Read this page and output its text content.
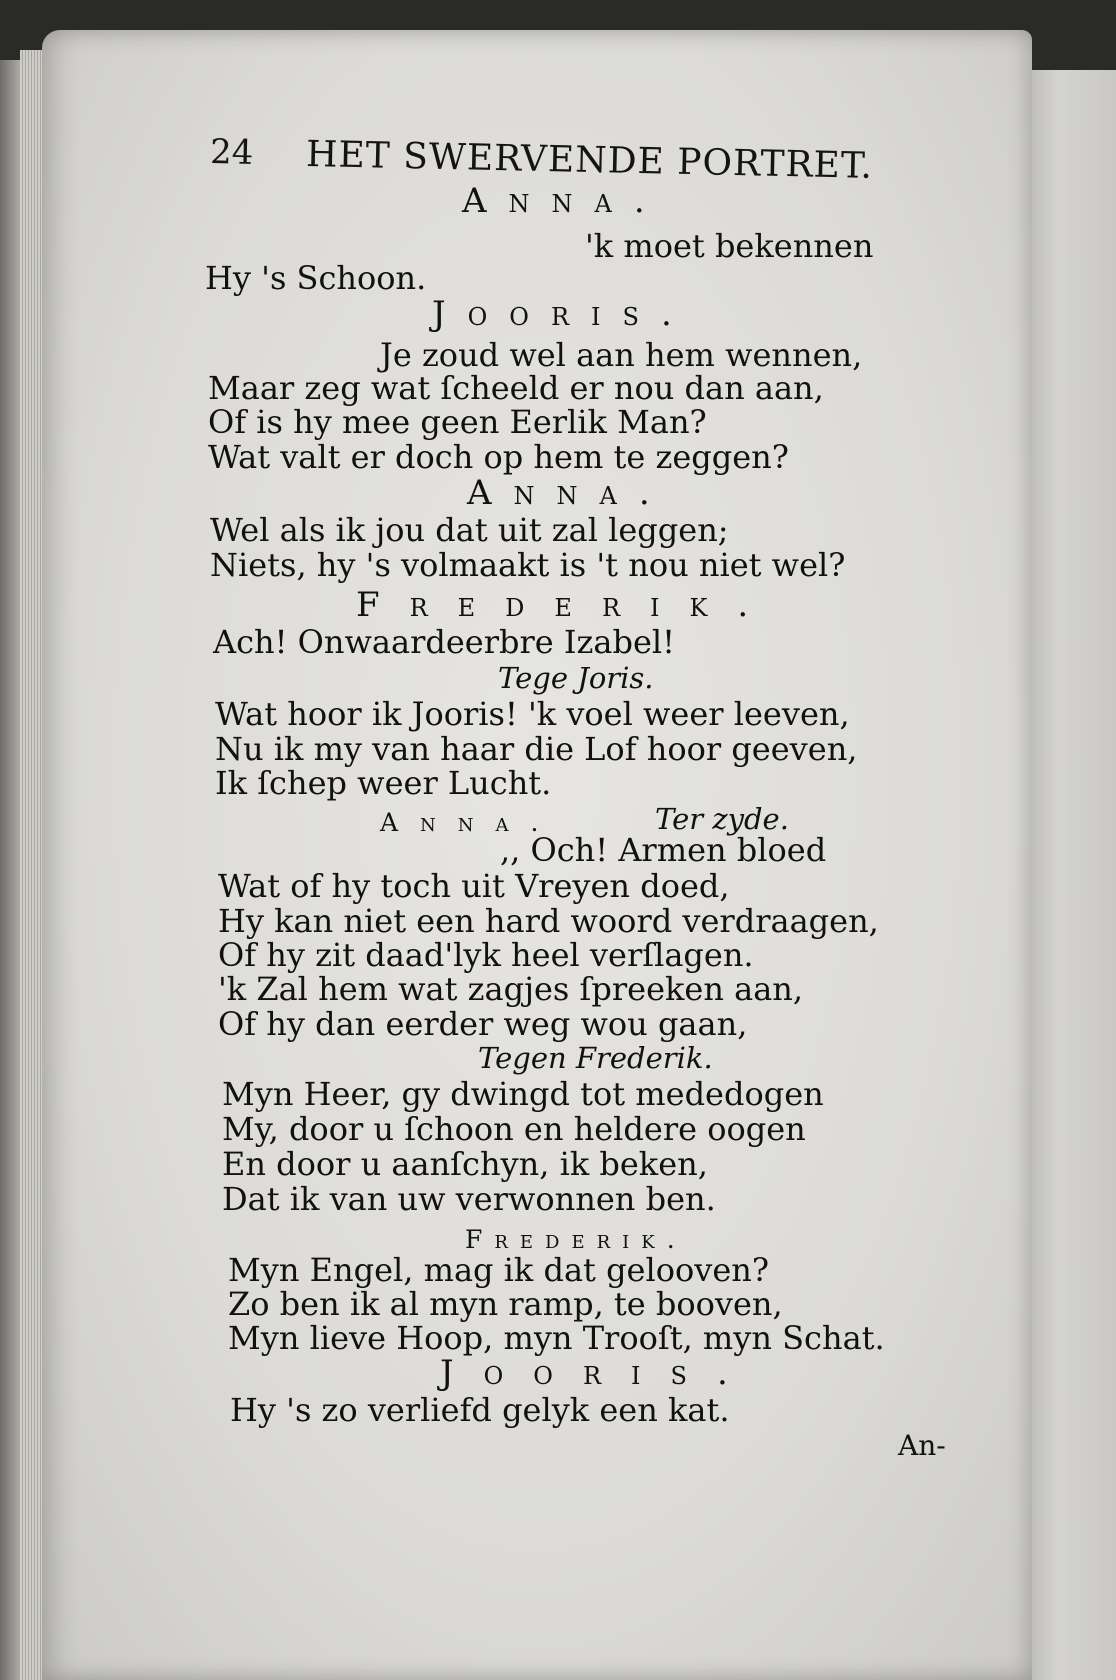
24 HET SWERVENDE PORTRET.
Anna.
'k moet bekennen
Hy 's Schoon.
Jooris.
Je zoud wel aan hem wennen,
Maar zeg wat ſcheeld er nou dan aan,
Of is hy mee geen Eerlik Man?
Wat valt er doch op hem te zeggen?
Anna.
Wel als ik jou dat uit zal leggen;
Niets, hy 's volmaakt is 't nou niet wel?
Frederik.
Ach! Onwaardeerbre Izabel!
Tege Joris.
Wat hoor ik Jooris! 'k voel weer leeven,
Nu ik my van haar die Lof hoor geeven,
Ik ſchep weer Lucht.
Anna.	Ter zyde.
,, Och! Armen bloed
Wat of hy toch uit Vreyen doed,
Hy kan niet een hard woord verdraagen,
Of hy zit daad'lyk heel verſlagen.
'k Zal hem wat zagjes ſpreeken aan,
Of hy dan eerder weg wou gaan,
Tegen Frederik.
Myn Heer, gy dwingd tot mededogen
My, door u ſchoon en heldere oogen
En door u aanſchyn, ik beken,
Dat ik van uw verwonnen ben.
Frederik.
Myn Engel, mag ik dat gelooven?
Zo ben ik al myn ramp, te booven,
Myn lieve Hoop, myn Trooſt, myn Schat.
Jooris.
Hy 's zo verliefd gelyk een kat.
An-
